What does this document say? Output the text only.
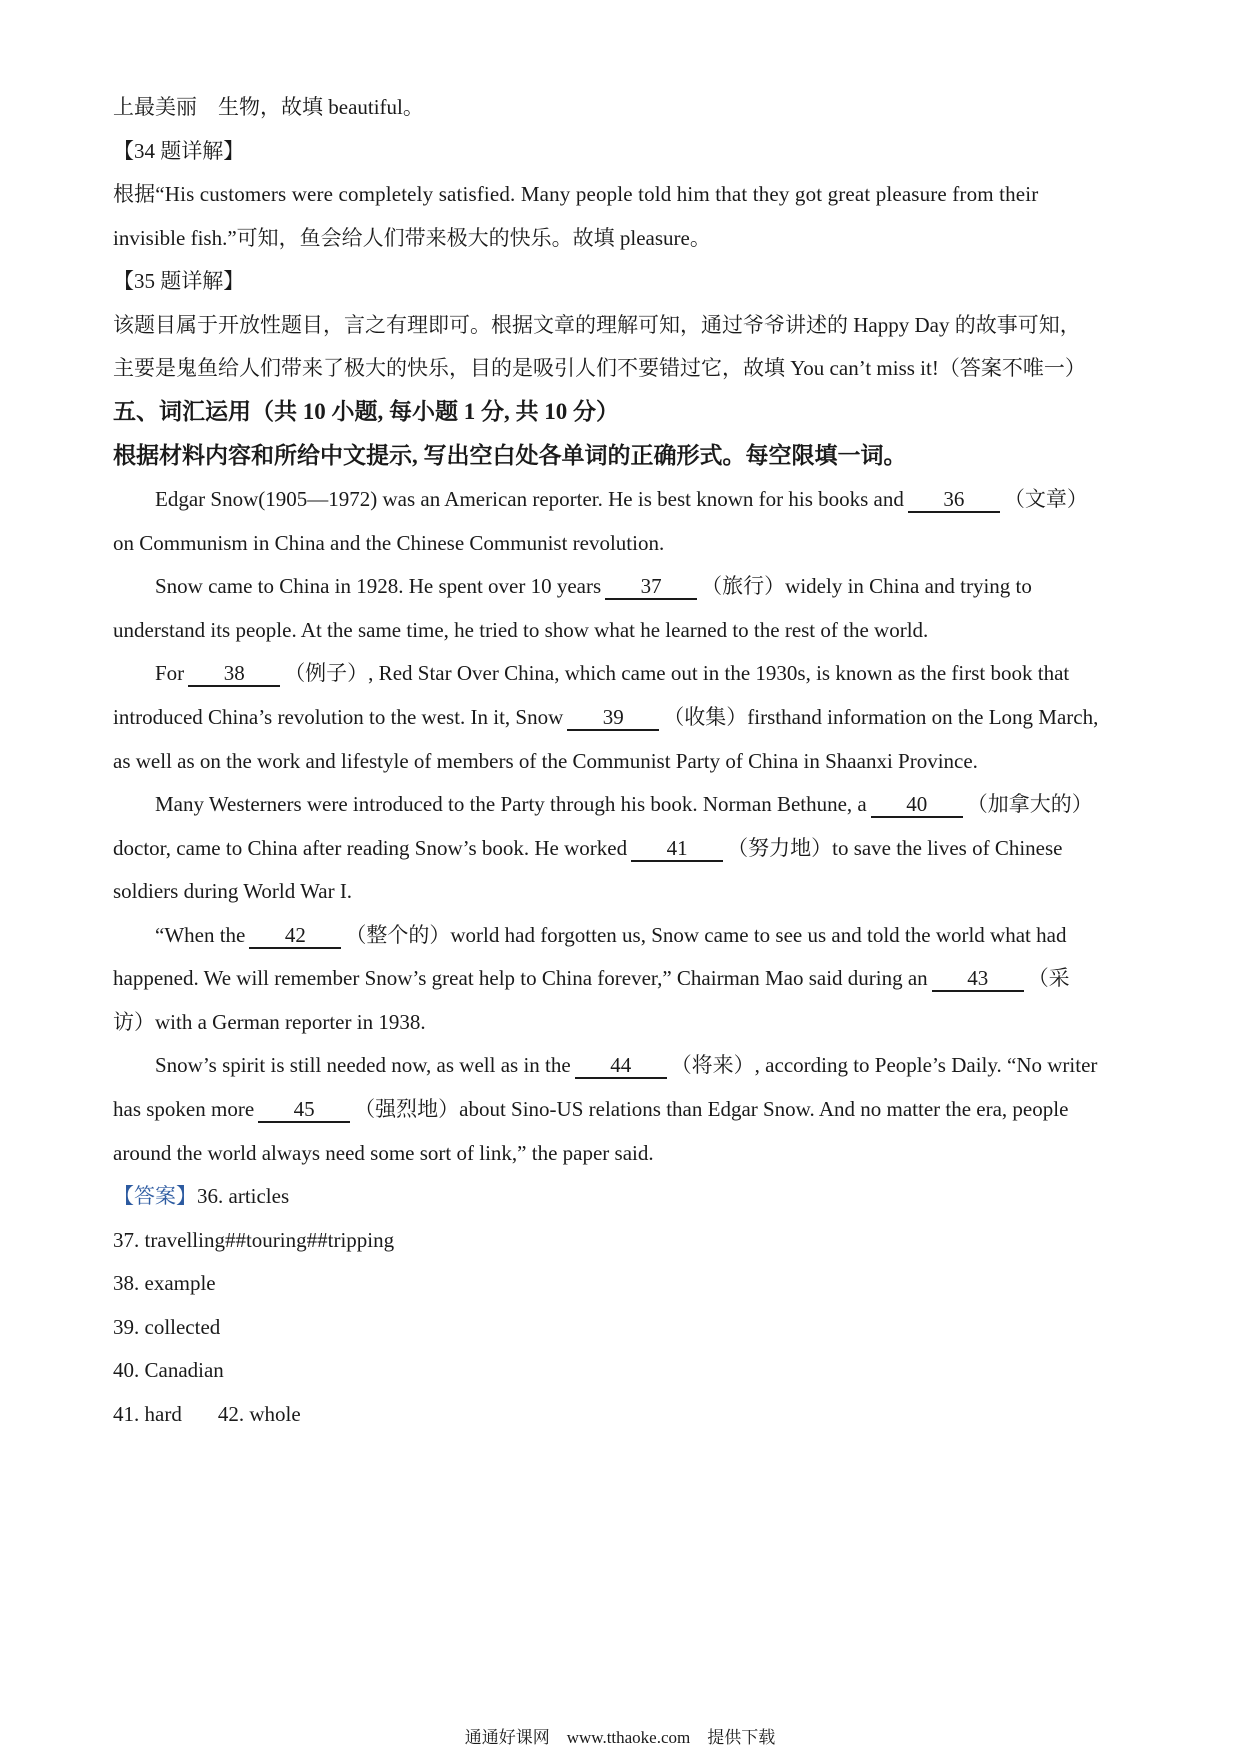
上最美丽　生物，故填 beautiful。
【34 题详解】
根据“His customers were completely satisfied. Many people told him that they got great pleasure from their
invisible fish.”可知，鱼会给人们带来极大的快乐。故填 pleasure。
【35 题详解】
该题目属于开放性题目，言之有理即可。根据文章的理解可知，通过爷爷讲述的 Happy Day 的故事可知，
主要是鬼鱼给人们带来了极大的快乐，目的是吸引人们不要错过它，故填 You can’t miss it!（答案不唯一）
五、词汇运用（共 10 小题, 每小题 1 分, 共 10 分）
根据材料内容和所给中文提示, 写出空白处各单词的正确形式。每空限填一词。
Edgar Snow(1905—1972) was an American reporter. He is best known for his books and 36 （文章）
on Communism in China and the Chinese Communist revolution.
Snow came to China in 1928. He spent over 10 years 37 （旅行）widely in China and trying to
understand its people. At the same time, he tried to show what he learned to the rest of the world.
For 38 （例子）, Red Star Over China, which came out in the 1930s, is known as the first book that
introduced China’s revolution to the west. In it, Snow 39 （收集）firsthand information on the Long March,
as well as on the work and lifestyle of members of the Communist Party of China in Shaanxi Province.
Many Westerners were introduced to the Party through his book. Norman Bethune, a 40 （加拿大的）
doctor, came to China after reading Snow’s book. He worked 41 （努力地）to save the lives of Chinese
soldiers during World War I.
“When the 42 （整个的）world had forgotten us, Snow came to see us and told the world what had
happened. We will remember Snow’s great help to China forever,” Chairman Mao said during an 43 （采
访）with a German reporter in 1938.
Snow’s spirit is still needed now, as well as in the 44 （将来）, according to People’s Daily. “No writer
has spoken more 45 （强烈地）about Sino-US relations than Edgar Snow. And no matter the era, people
around the world always need some sort of link,” the paper said.
【答案】36. articles
37. travelling##touring##tripping
38. example
39. collected
40. Canadian
41. hard 42. whole
通通好课网　www.tthaoke.com　提供下载
